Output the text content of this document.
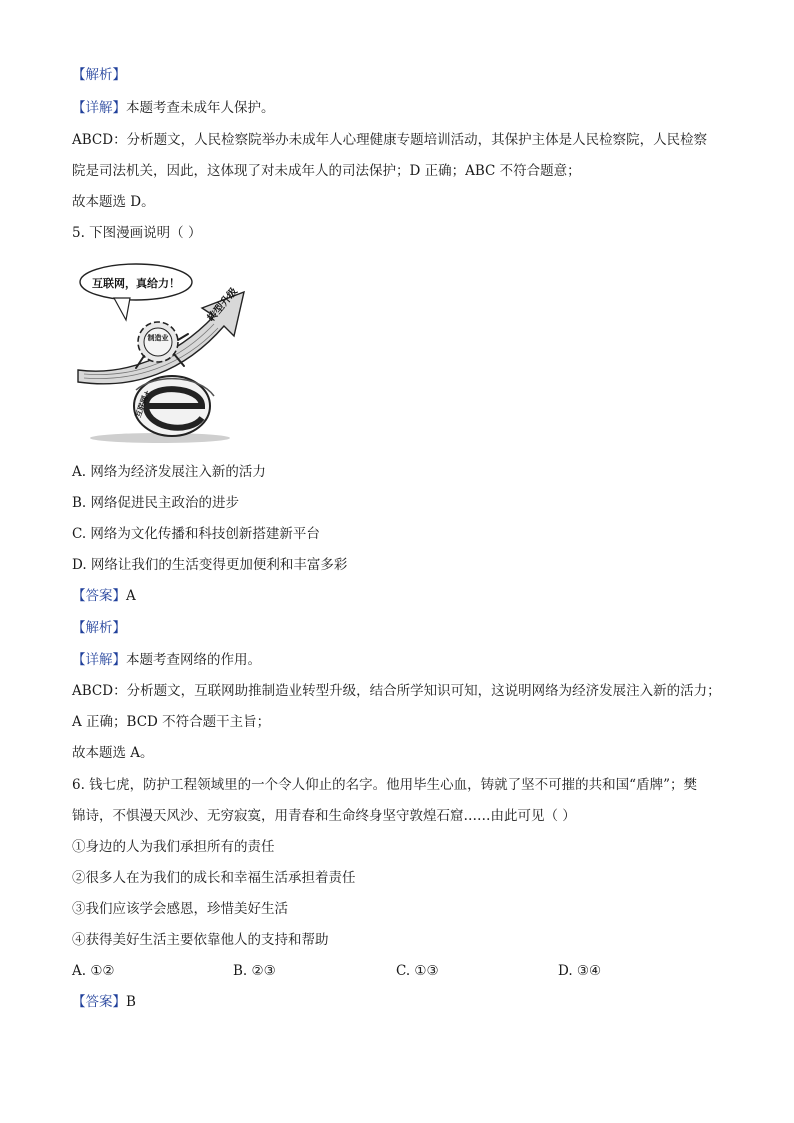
【解析】
【详解】本题考查未成年人保护。
ABCD：分析题文，人民检察院举办未成年人心理健康专题培训活动，其保护主体是人民检察院，人民检察
院是司法机关，因此，这体现了对未成年人的司法保护；D 正确；ABC 不符合题意；
故本题选 D。
5. 下图漫画说明（ ）
互联网，真给力！
转型升级
制造业
互联网+
A. 网络为经济发展注入新的活力
B. 网络促进民主政治的进步
C. 网络为文化传播和科技创新搭建新平台
D. 网络让我们的生活变得更加便利和丰富多彩
【答案】A
【解析】
【详解】本题考查网络的作用。
ABCD：分析题文，互联网助推制造业转型升级，结合所学知识可知，这说明网络为经济发展注入新的活力；
A 正确；BCD 不符合题干主旨；
故本题选 A。
6. 钱七虎，防护工程领域里的一个令人仰止的名字。他用毕生心血，铸就了坚不可摧的共和国“盾牌”；樊
锦诗，不惧漫天风沙、无穷寂寞，用青春和生命终身坚守敦煌石窟……由此可见（ ）
①身边的人为我们承担所有的责任
②很多人在为我们的成长和幸福生活承担着责任
③我们应该学会感恩，珍惜美好生活
④获得美好生活主要依靠他人的支持和帮助
A. ①②	B. ②③	C. ①③	D. ③④
【答案】B
